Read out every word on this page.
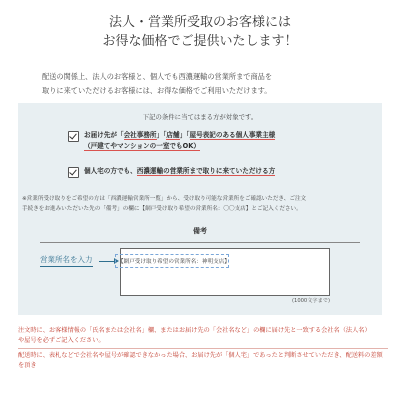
法人・営業所受取のお客様には
お得な価格でご提供いたします！
配送の関係上、法人のお客様と、個人でも西濃運輸の営業所まで商品を
取りに来ていただけるお客様には、お得な価格でご利用いただけます。
下記の条件に当てはまる方が対象です。
お届け先が「会社事務所」「店舗」「屋号表記のある個人事業主様
（戸建てやマンションの一室でもOK）
個人宅の方でも、西濃運輸の営業所まで取りに来ていただける方
※営業所受け取りをご希望の方は「西濃運輸営業所一覧」から、受け取り可能な営業所をご確認いただき、ご注文
手続きをお進みいただいた先の「備考」の欄に【網戸受け取り希望の営業所名：〇〇支店】とご記入ください。
備考
営業所名を入力	【網戸受け取り希望の営業所名：神明支店】
(1000文字まで)
注文時に、お客様情報の「氏名または会社名」欄、またはお届け先の「会社名など」の欄に届け先と一致する会社名（法人名）
や屋号を必ずご記入ください。
配送時に、表札などで会社名や屋号が確認できなかった場合、お届け先が「個人宅」であったと判断させていただき、配送料の差額を頂き
